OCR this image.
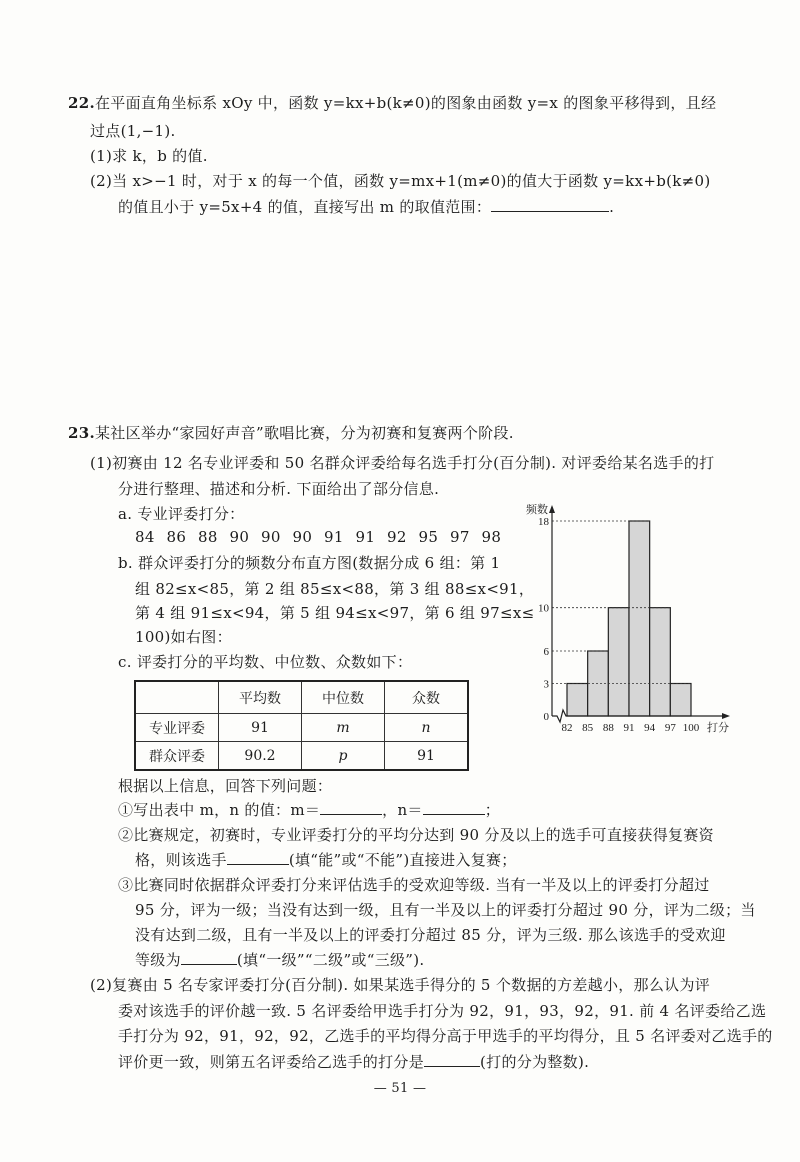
22.在平面直角坐标系 xOy 中，函数 y=kx+b(k≠0)的图象由函数 y=x 的图象平移得到，且经
过点(1,−1).
(1)求 k，b 的值.
(2)当 x>−1 时，对于 x 的每一个值，函数 y=mx+1(m≠0)的值大于函数 y=kx+b(k≠0)
的值且小于 y=5x+4 的值，直接写出 m 的取值范围：	.
23.某社区举办“家园好声音”歌唱比赛，分为初赛和复赛两个阶段.
(1)初赛由 12 名专业评委和 50 名群众评委给每名选手打分(百分制). 对评委给某名选手的打
分进行整理、描述和分析. 下面给出了部分信息.
a. 专业评委打分：
84 86 88 90 90 90 91 91 92 95 97 98
b. 群众评委打分的频数分布直方图(数据分成 6 组：第 1
组 82≤x<85，第 2 组 85≤x<88，第 3 组 88≤x<91，
第 4 组 91≤x<94，第 5 组 94≤x<97，第 6 组 97≤x≤
100)如右图：
c. 评委打分的平均数、中位数、众数如下：
	平均数	中位数	众数
专业评委	91	m	n
群众评委	90.2	p	91
0
3
6
10
18
82 85 88 91 94 97 100
频数
打分
根据以上信息，回答下列问题：
①写出表中 m，n 的值：m＝	，n＝	；
②比赛规定，初赛时，专业评委打分的平均分达到 90 分及以上的选手可直接获得复赛资
格，则该选手	(填“能”或“不能”)直接进入复赛；
③比赛同时依据群众评委打分来评估选手的受欢迎等级. 当有一半及以上的评委打分超过
95 分，评为一级；当没有达到一级，且有一半及以上的评委打分超过 90 分，评为二级；当
没有达到二级，且有一半及以上的评委打分超过 85 分，评为三级. 那么该选手的受欢迎
等级为	(填“一级”“二级”或“三级”).
(2)复赛由 5 名专家评委打分(百分制). 如果某选手得分的 5 个数据的方差越小，那么认为评
委对该选手的评价越一致. 5 名评委给甲选手打分为 92，91，93，92，91. 前 4 名评委给乙选
手打分为 92，91，92，92，乙选手的平均得分高于甲选手的平均得分，且 5 名评委对乙选手的
评价更一致，则第五名评委给乙选手的打分是	(打的分为整数).
— 51 —
